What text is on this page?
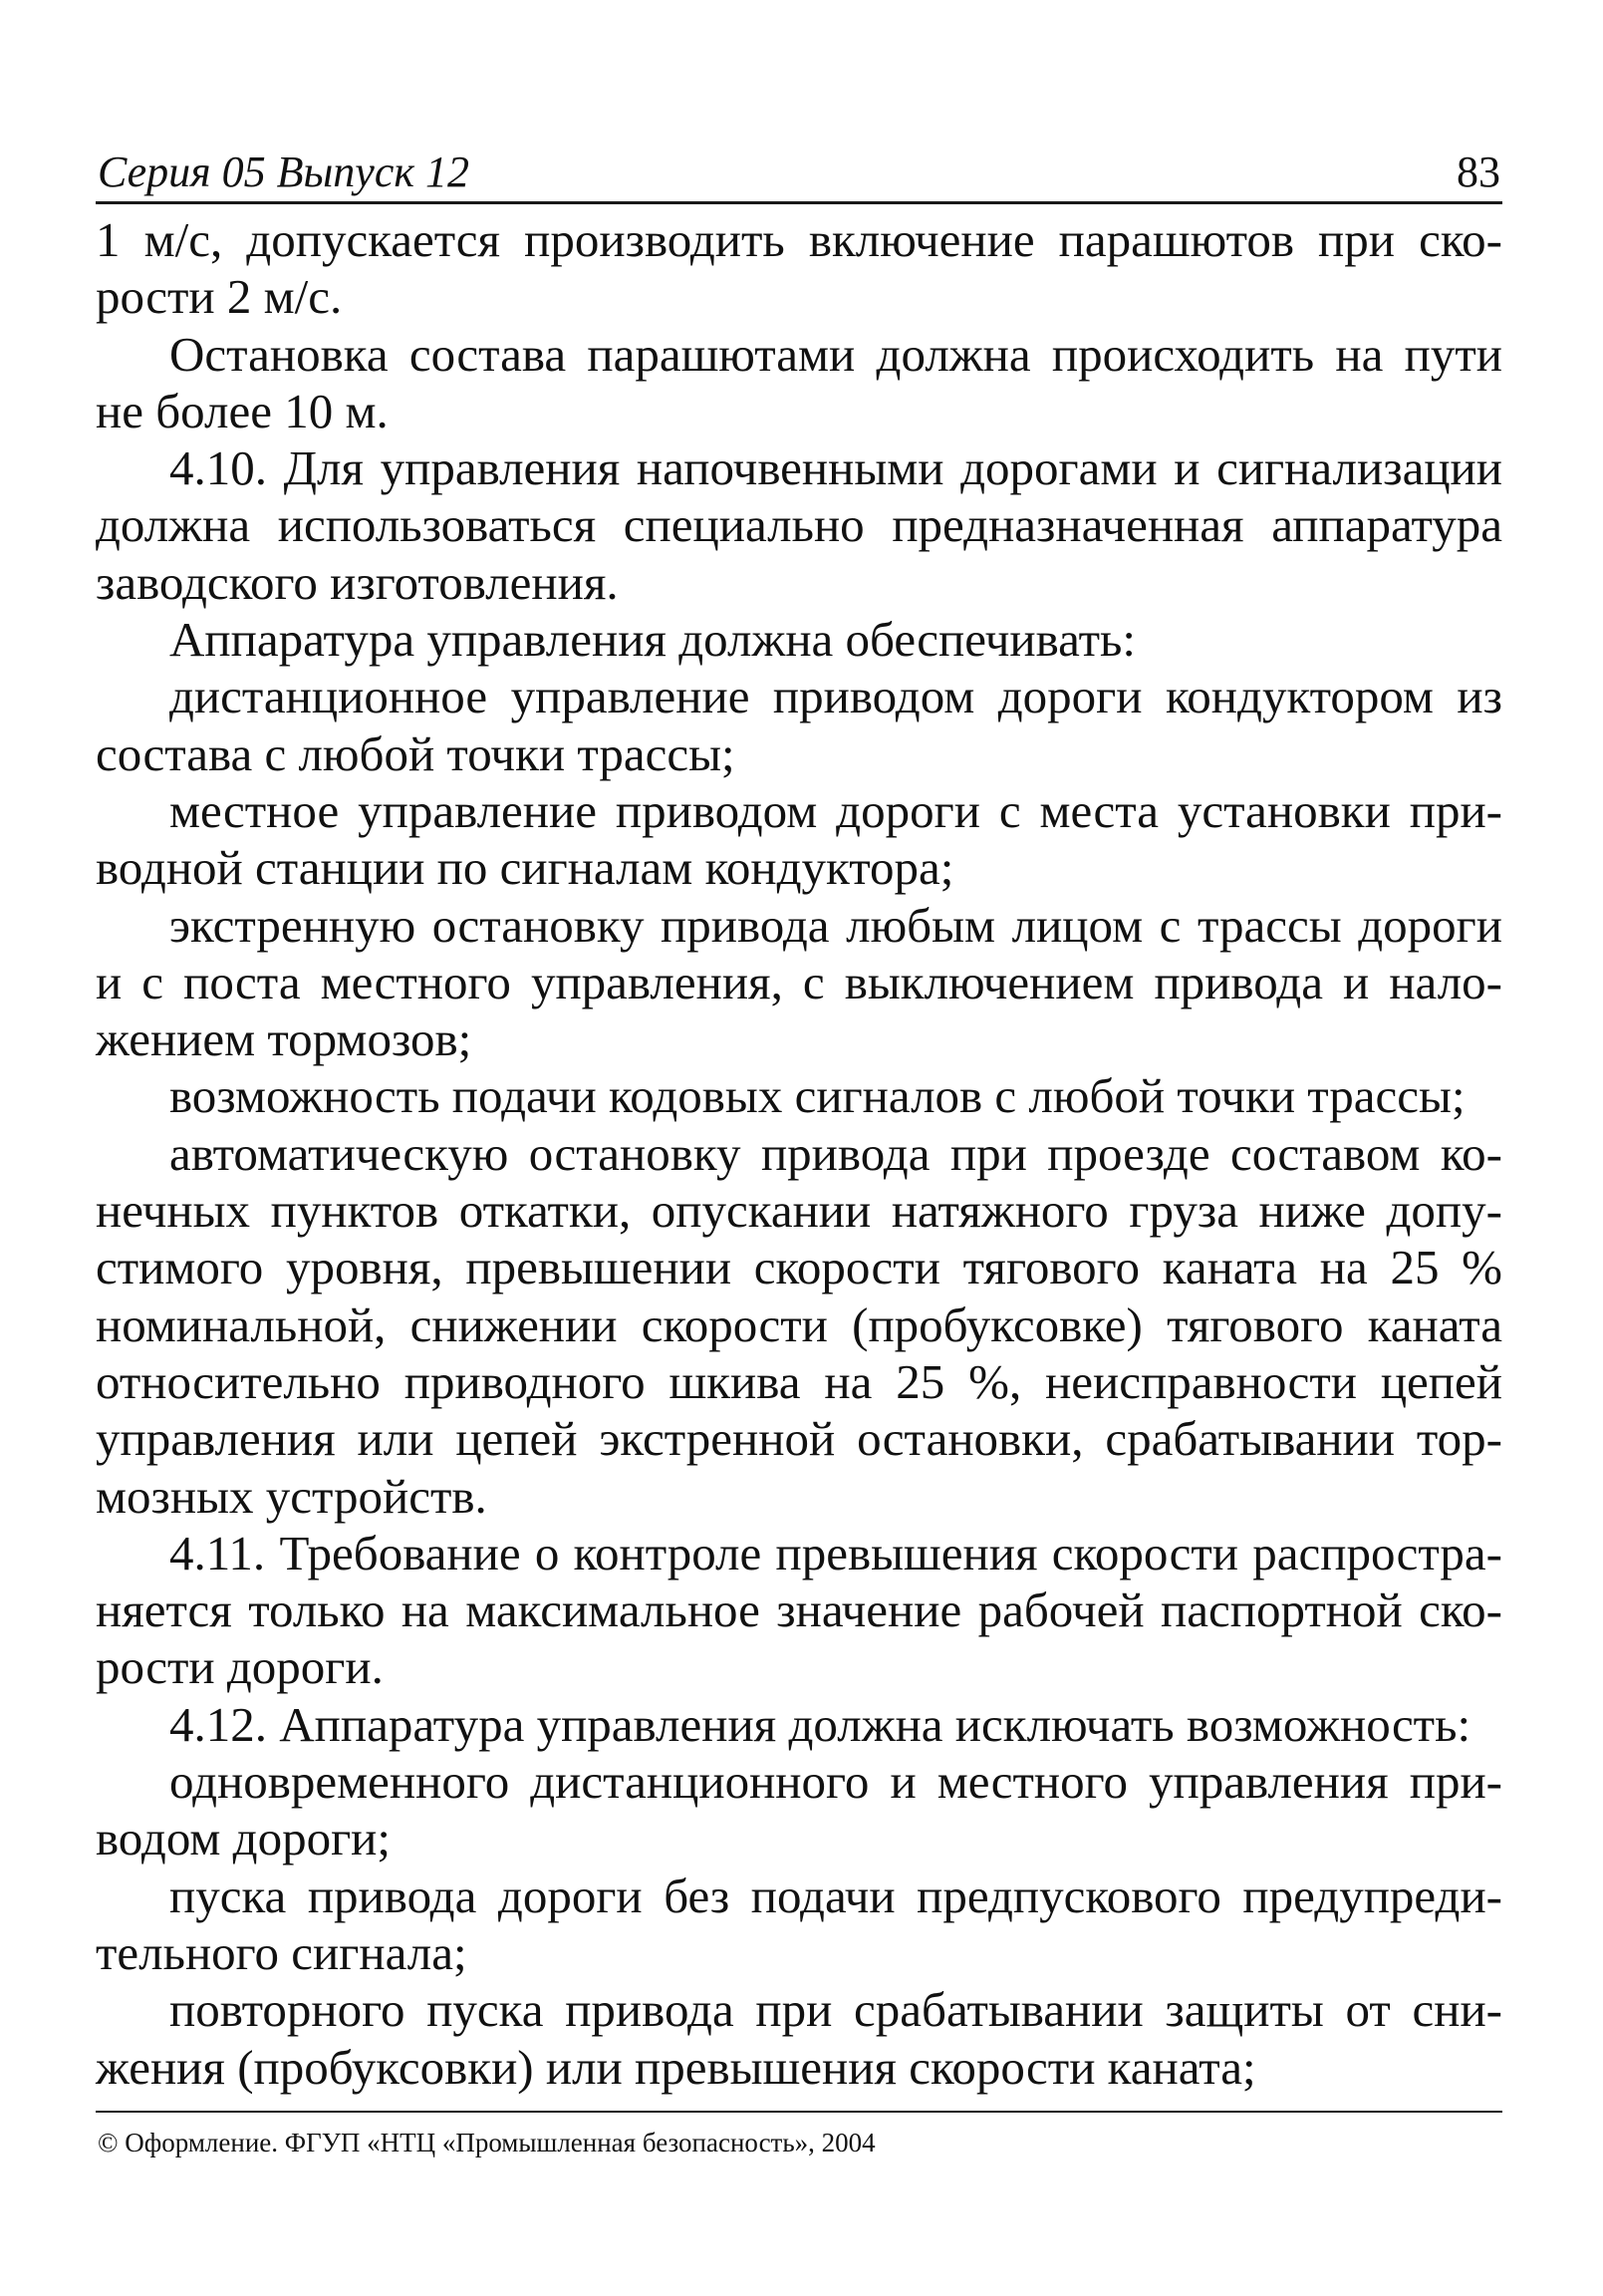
Серия 05 Выпуск 12	83

1 м/с, допускается производить включение парашютов при скорости 2 м/с.

Остановка состава парашютами должна происходить на пути не более 10 м.

4.10. Для управления напочвенными дорогами и сигнализации должна использоваться специально предназначенная аппаратура заводского изготовления.

Аппаратура управления должна обеспечивать:

дистанционное управление приводом дороги кондуктором из состава с любой точки трассы;

местное управление приводом дороги с места установки приводной станции по сигналам кондуктора;

экстренную остановку привода любым лицом с трассы дороги и с поста местного управления, с выключением привода и наложением тормозов;

возможность подачи кодовых сигналов с любой точки трассы;

автоматическую остановку привода при проезде составом конечных пунктов откатки, опускании натяжного груза ниже допустимого уровня, превышении скорости тягового каната на 25 % номинальной, снижении скорости (пробуксовке) тягового каната относительно приводного шкива на 25 %, неисправности цепей управления или цепей экстренной остановки, срабатывании тормозных устройств.

4.11. Требование о контроле превышения скорости распространяется только на максимальное значение рабочей паспортной скорости дороги.

4.12. Аппаратура управления должна исключать возможность:

одновременного дистанционного и местного управления приводом дороги;

пуска привода дороги без подачи предпускового предупредительного сигнала;

повторного пуска привода при срабатывании защиты от снижения (пробуксовки) или превышения скорости каната;

© Оформление. ФГУП «НТЦ «Промышленная безопасность», 2004
